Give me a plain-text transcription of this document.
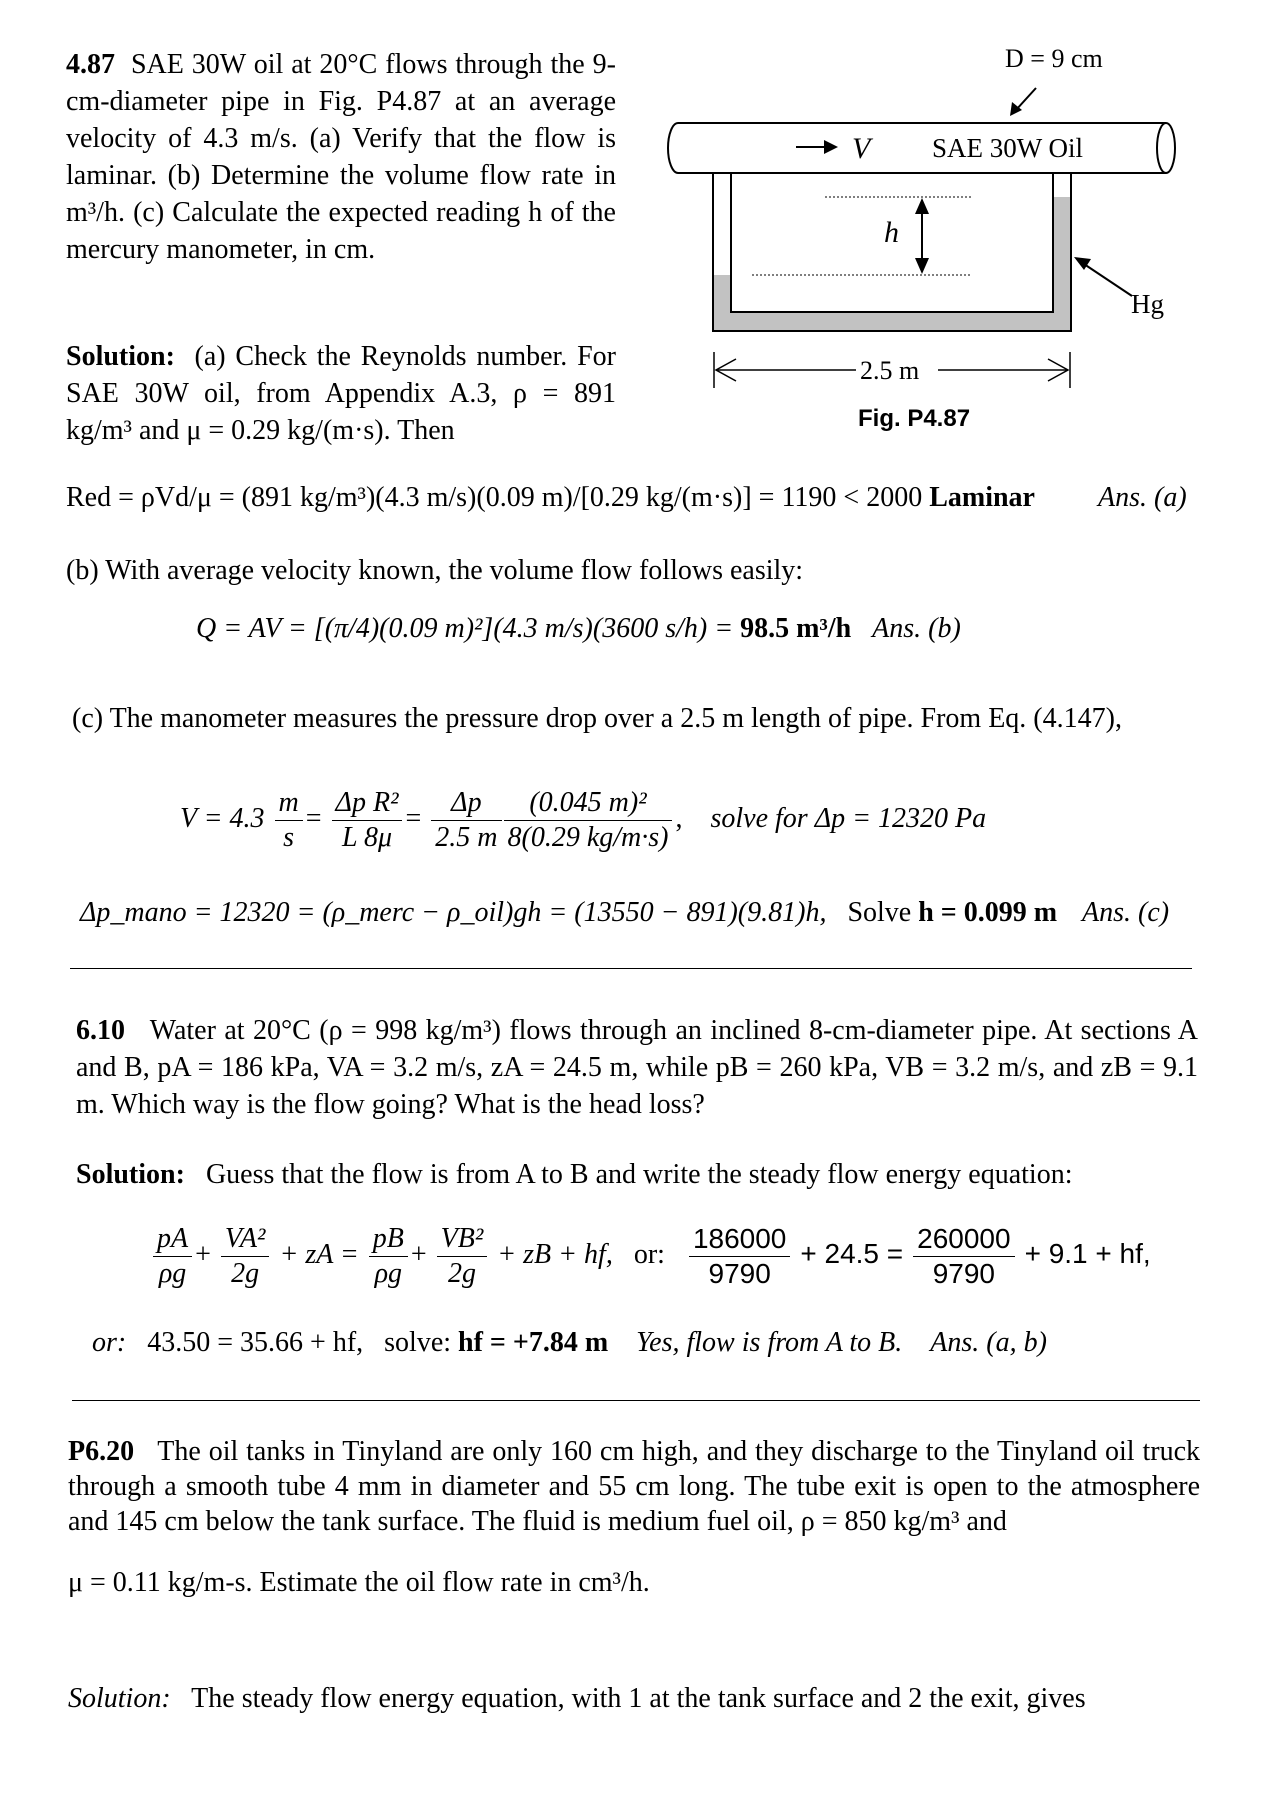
4.87 SAE 30W oil at 20°C flows through the 9-cm-diameter pipe in Fig. P4.87 at an average velocity of 4.3 m/s. (a) Verify that the flow is laminar. (b) Determine the volume flow rate in m³/h. (c) Calculate the expected reading h of the mercury manometer, in cm.
Solution: (a) Check the Reynolds number. For SAE 30W oil, from Appendix A.3, ρ = 891 kg/m³ and μ = 0.29 kg/(m·s). Then
D = 9 cm
V SAE 30W Oil
h
Hg
2.5 m
Fig. P4.87
Red = ρVd/μ = (891 kg/m³)(4.3 m/s)(0.09 m)/[0.29 kg/(m·s)] = 1190 < 2000 Laminar Ans. (a)
(b) With average velocity known, the volume flow follows easily:
Q = AV = [(π/4)(0.09 m)²](4.3 m/s)(3600 s/h) = 98.5 m³/h Ans. (b)
(c) The manometer measures the pressure drop over a 2.5 m length of pipe. From Eq. (4.147),
$V = 4.3 \frac{m}{s} = \frac{\text{Δp R²}}{L 8\mu} = \frac{\Delta p}{2.5 m}$
$\frac{\text{(0.045 m)²}}{8(0.29 kg/m\cdot s)}$ ,    solve for Δp = 12320 Pa
Δp_mano = 12320 = (ρ_merc − ρ_oil)gh = (13550 − 891)(9.81)h, Solve h = 0.099 m Ans. (c)
6.10 Water at 20°C (ρ = 998 kg/m³) flows through an inclined 8-cm-diameter pipe. At sections A and B, pA = 186 kPa, VA = 3.2 m/s, zA = 24.5 m, while pB = 260 kPa, VB = 3.2 m/s, and zB = 9.1 m. Which way is the flow going? What is the head loss?
Solution: Guess that the flow is from A to B and write the steady flow energy equation:
$\frac{pA}{\rho g} + \frac{\text{VA²}}{2g}$ + zA = $\frac{pB}{\rho g} + \frac{\text{VB²}}{2g}$ + zB + hf, or: $\frac{186000}{9790} + 24.5 = \frac{260000}{9790} + 9.1$ + hf,
or: 43.50 = 35.66 + hf, solve: hf = +7.84 m Yes, flow is from A to B. Ans. (a, b)
P6.20 The oil tanks in Tinyland are only 160 cm high, and they discharge to the Tinyland oil truck through a smooth tube 4 mm in diameter and 55 cm long. The tube exit is open to the atmosphere and 145 cm below the tank surface. The fluid is medium fuel oil, ρ = 850 kg/m³ and
μ = 0.11 kg/m-s. Estimate the oil flow rate in cm³/h.
Solution: The steady flow energy equation, with 1 at the tank surface and 2 the exit, gives
